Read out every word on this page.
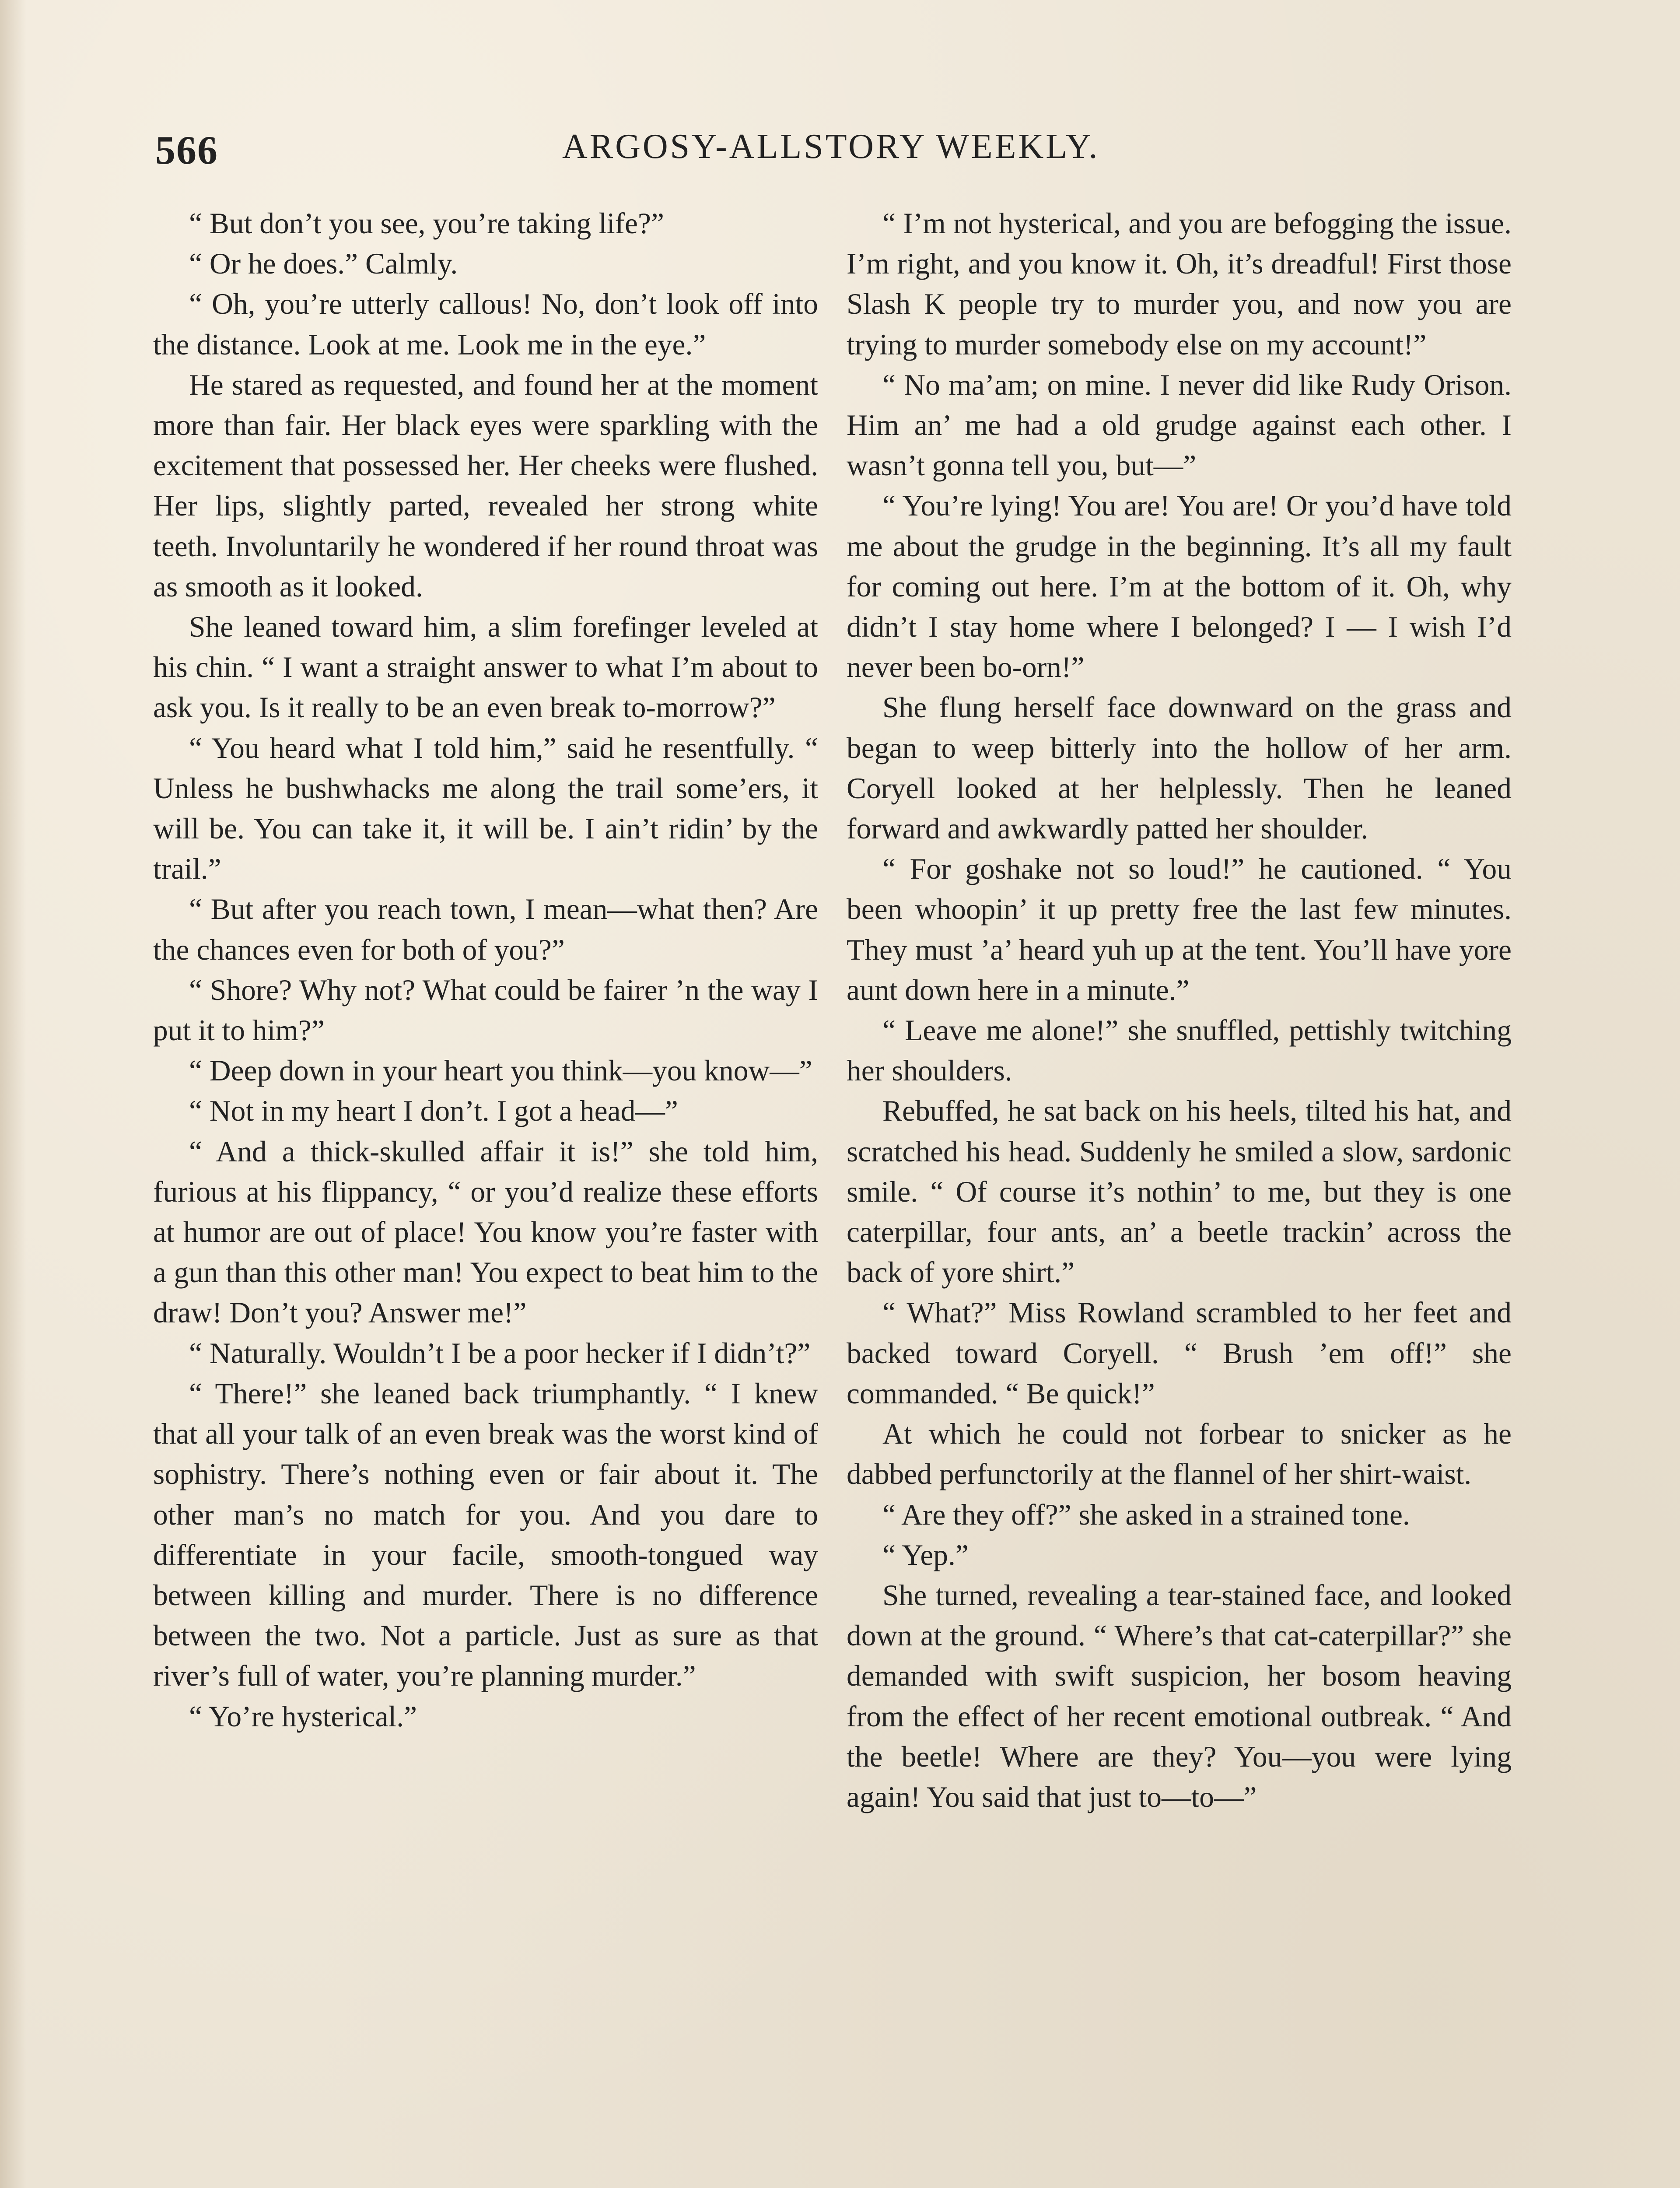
566	ARGOSY-ALLSTORY WEEKLY.

“ But don’t you see, you’re taking life?”

“ Or he does.” Calmly.

“ Oh, you’re utterly callous! No, don’t look off into the distance. Look at me. Look me in the eye.”

He stared as requested, and found her at the moment more than fair. Her black eyes were sparkling with the excitement that possessed her. Her cheeks were flushed. Her lips, slightly parted, revealed her strong white teeth. Involuntarily he wondered if her round throat was as smooth as it looked.

She leaned toward him, a slim forefinger leveled at his chin. “ I want a straight answer to what I’m about to ask you. Is it really to be an even break to-morrow?”

“ You heard what I told him,” said he resentfully. “ Unless he bushwhacks me along the trail some’ers, it will be. You can take it, it will be. I ain’t ridin’ by the trail.”

“ But after you reach town, I mean—what then? Are the chances even for both of you?”

“ Shore? Why not? What could be fairer ’n the way I put it to him?”

“ Deep down in your heart you think—you know—”

“ Not in my heart I don’t. I got a head—”

“ And a thick-skulled affair it is!” she told him, furious at his flippancy, “ or you’d realize these efforts at humor are out of place! You know you’re faster with a gun than this other man! You expect to beat him to the draw! Don’t you? Answer me!”

“ Naturally. Wouldn’t I be a poor hecker if I didn’t?”

“ There!” she leaned back triumphantly. “ I knew that all your talk of an even break was the worst kind of sophistry. There’s nothing even or fair about it. The other man’s no match for you. And you dare to differentiate in your facile, smooth-tongued way between killing and murder. There is no difference between the two. Not a particle. Just as sure as that river’s full of water, you’re planning murder.”

“ Yo’re hysterical.”

“ I’m not hysterical, and you are befogging the issue. I’m right, and you know it. Oh, it’s dreadful! First those Slash K people try to murder you, and now you are trying to murder somebody else on my account!”

“ No ma’am; on mine. I never did like Rudy Orison. Him an’ me had a old grudge against each other. I wasn’t gonna tell you, but—”

“ You’re lying! You are! You are! Or you’d have told me about the grudge in the beginning. It’s all my fault for coming out here. I’m at the bottom of it. Oh, why didn’t I stay home where I belonged? I — I wish I’d never been bo-orn!”

She flung herself face downward on the grass and began to weep bitterly into the hollow of her arm. Coryell looked at her helplessly. Then he leaned forward and awkwardly patted her shoulder.

“ For goshake not so loud!” he cautioned. “ You been whoopin’ it up pretty free the last few minutes. They must ’a’ heard yuh up at the tent. You’ll have yore aunt down here in a minute.”

“ Leave me alone!” she snuffled, pettishly twitching her shoulders.

Rebuffed, he sat back on his heels, tilted his hat, and scratched his head. Suddenly he smiled a slow, sardonic smile. “ Of course it’s nothin’ to me, but they is one caterpillar, four ants, an’ a beetle trackin’ across the back of yore shirt.”

“ What?” Miss Rowland scrambled to her feet and backed toward Coryell. “ Brush ’em off!” she commanded. “ Be quick!”

At which he could not forbear to snicker as he dabbed perfunctorily at the flannel of her shirt-waist.

“ Are they off?” she asked in a strained tone.

“ Yep.”

She turned, revealing a tear-stained face, and looked down at the ground. “ Where’s that cat-caterpillar?” she demanded with swift suspicion, her bosom heaving from the effect of her recent emotional outbreak. “ And the beetle! Where are they? You—you were lying again! You said that just to—to—”
